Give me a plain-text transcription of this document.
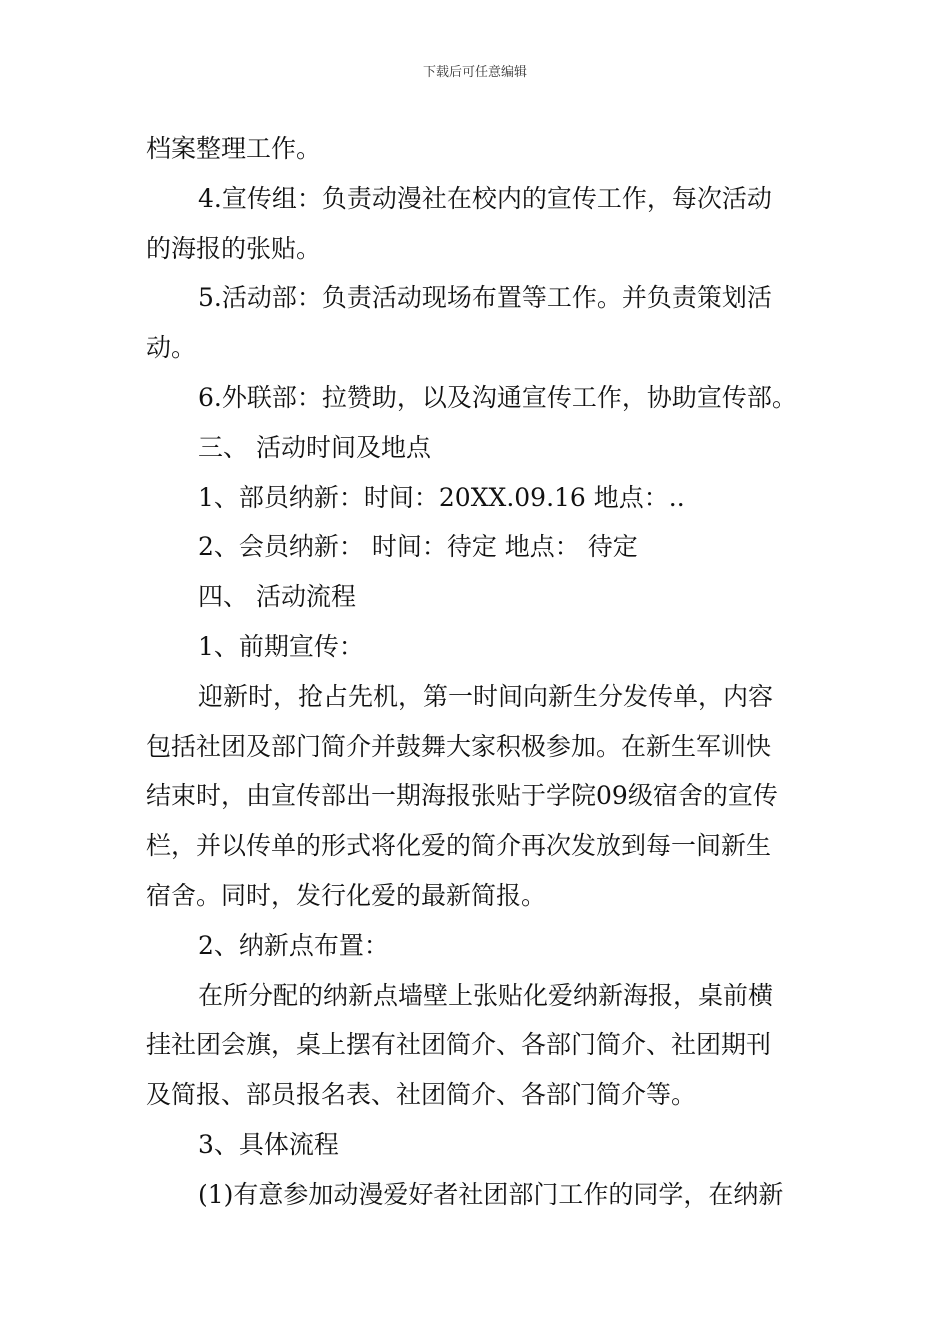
下载后可任意编辑
档案整理工作。
4.宣传组：负责动漫社在校内的宣传工作，每次活动
的海报的张贴。
5.活动部：负责活动现场布置等工作。并负责策划活
动。
6.外联部：拉赞助，以及沟通宣传工作，协助宣传部。
三、 活动时间及地点
1、部员纳新：时间：20XX.09.16 地点：..
2、会员纳新： 时间：待定 地点： 待定
四、 活动流程
1、前期宣传：
迎新时，抢占先机，第一时间向新生分发传单，内容
包括社团及部门简介并鼓舞大家积极参加。在新生军训快
结束时，由宣传部出一期海报张贴于学院09级宿舍的宣传
栏，并以传单的形式将化爱的简介再次发放到每一间新生
宿舍。同时，发行化爱的最新简报。
2、纳新点布置：
在所分配的纳新点墙壁上张贴化爱纳新海报，桌前横
挂社团会旗，桌上摆有社团简介、各部门简介、社团期刊
及简报、部员报名表、社团简介、各部门简介等。
3、具体流程
(1)有意参加动漫爱好者社团部门工作的同学，在纳新
